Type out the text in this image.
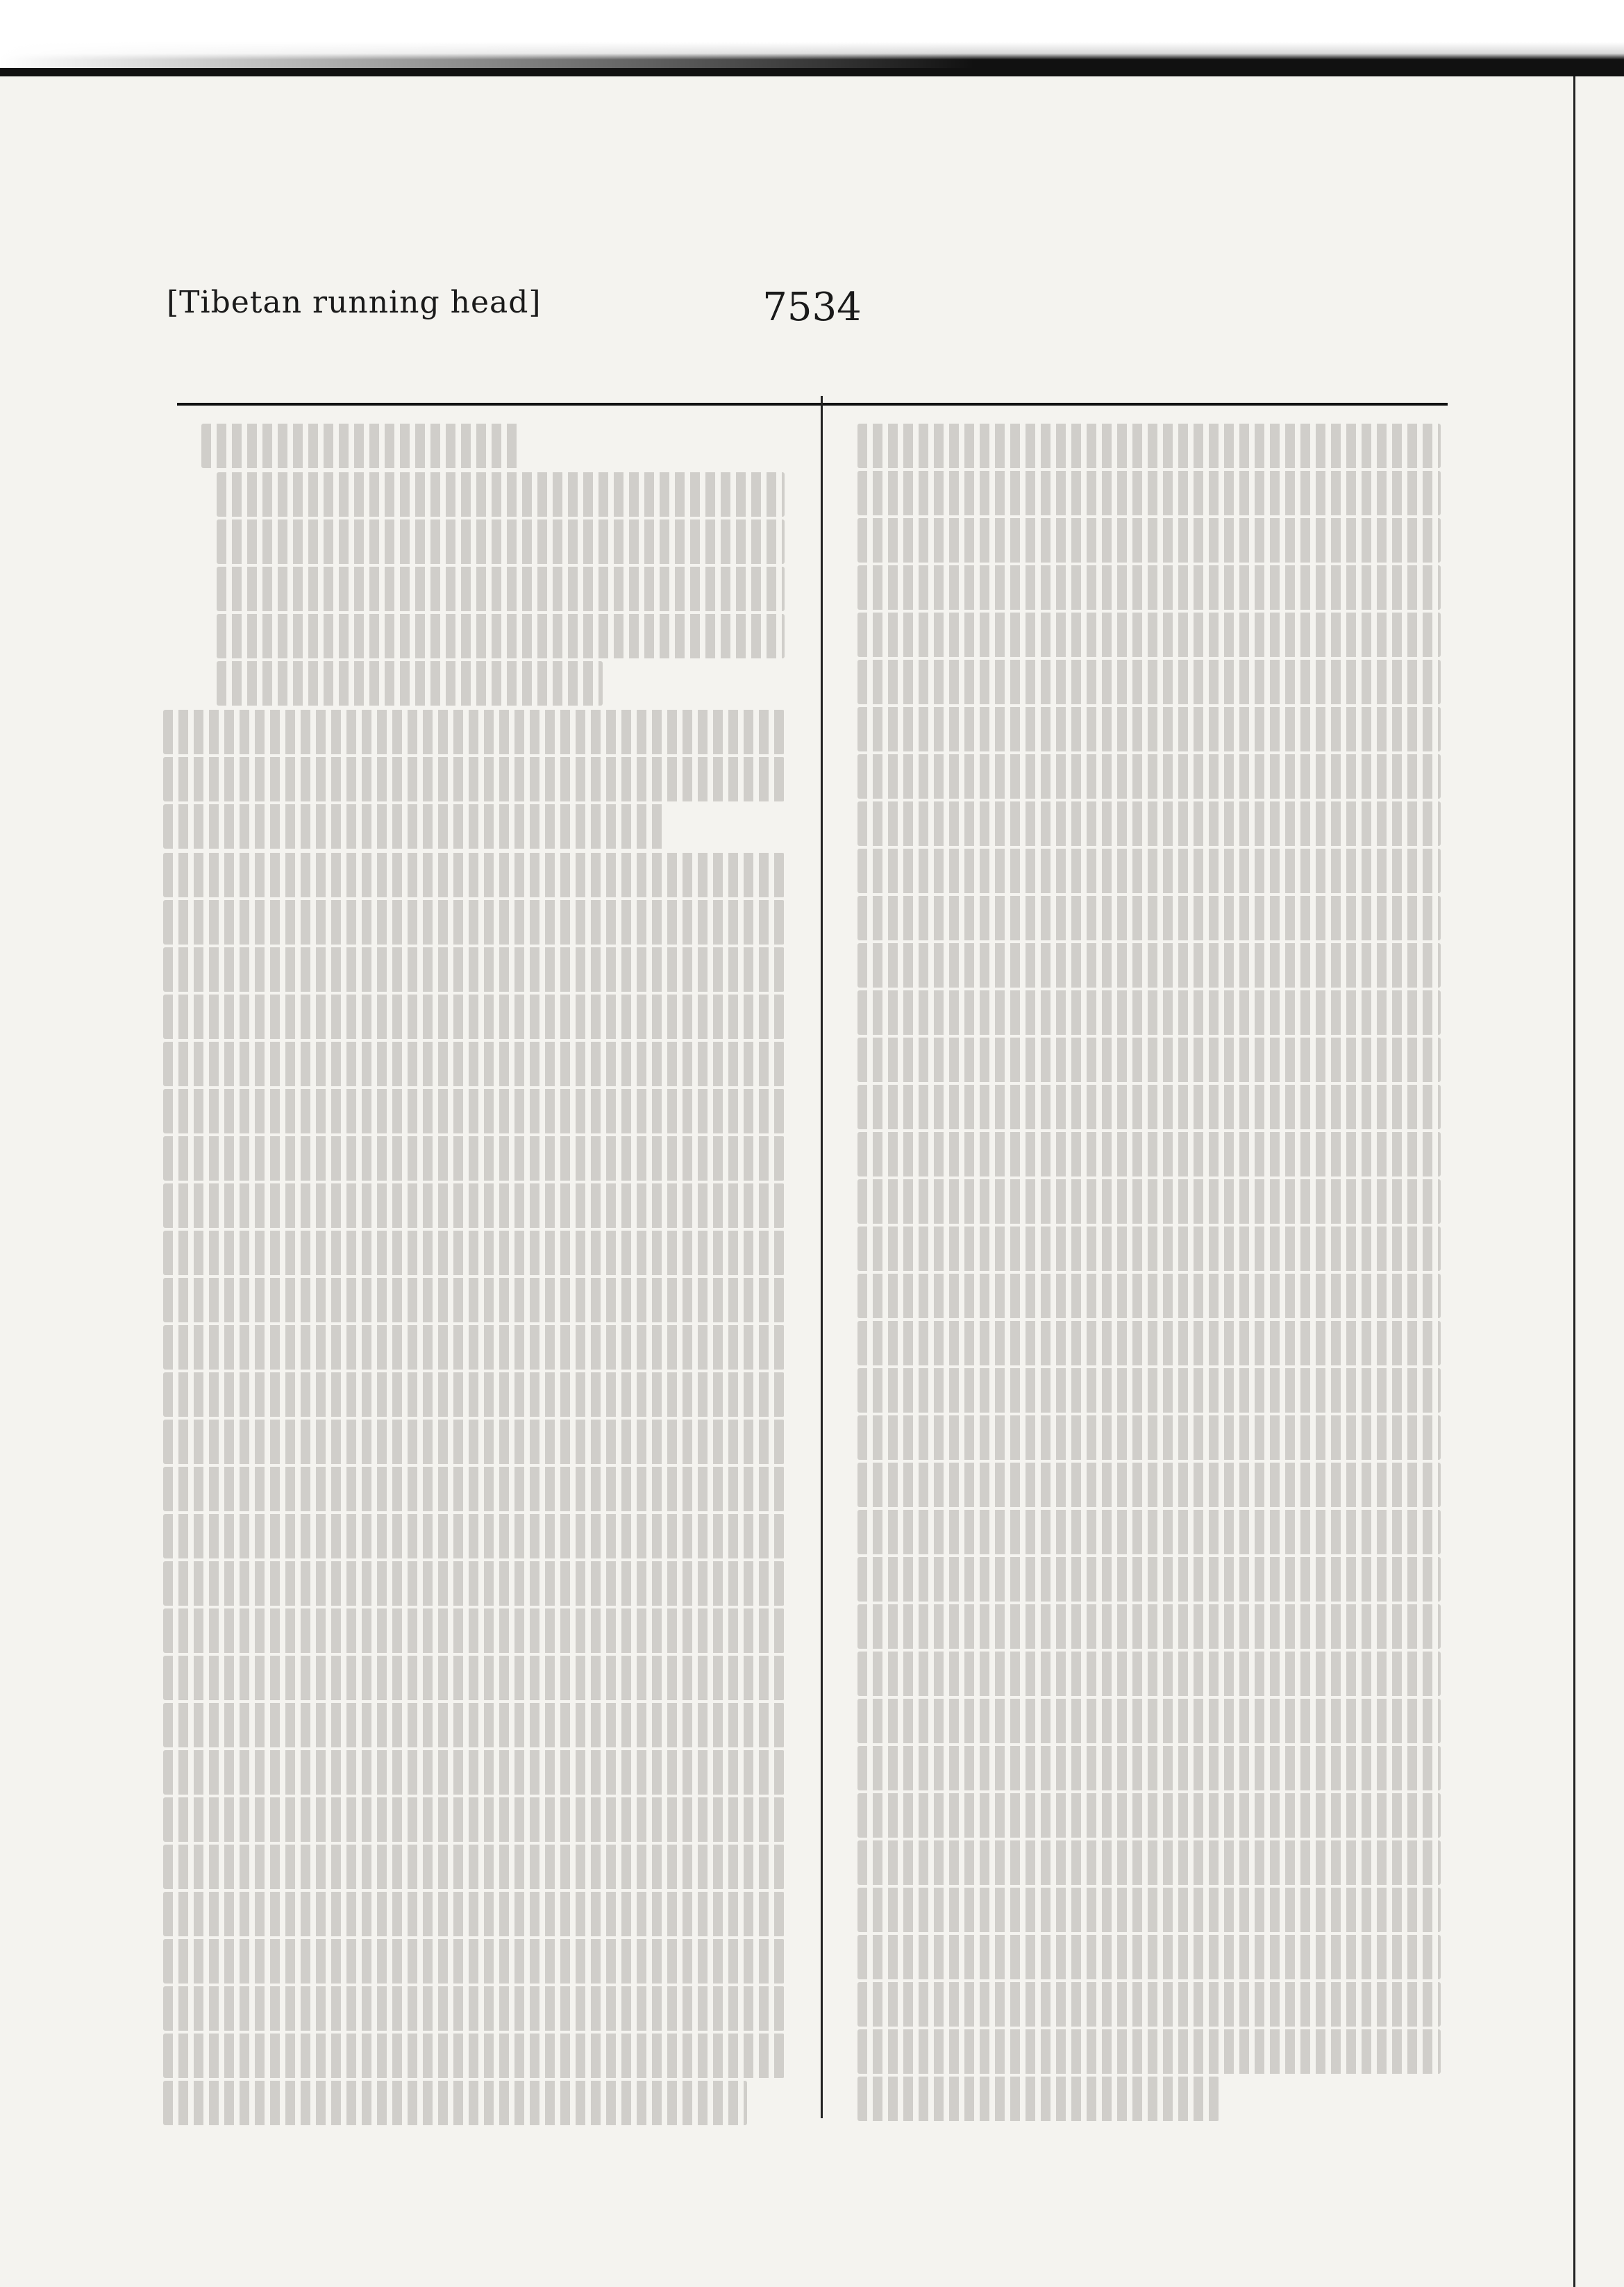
[Tibetan running head]	7534
